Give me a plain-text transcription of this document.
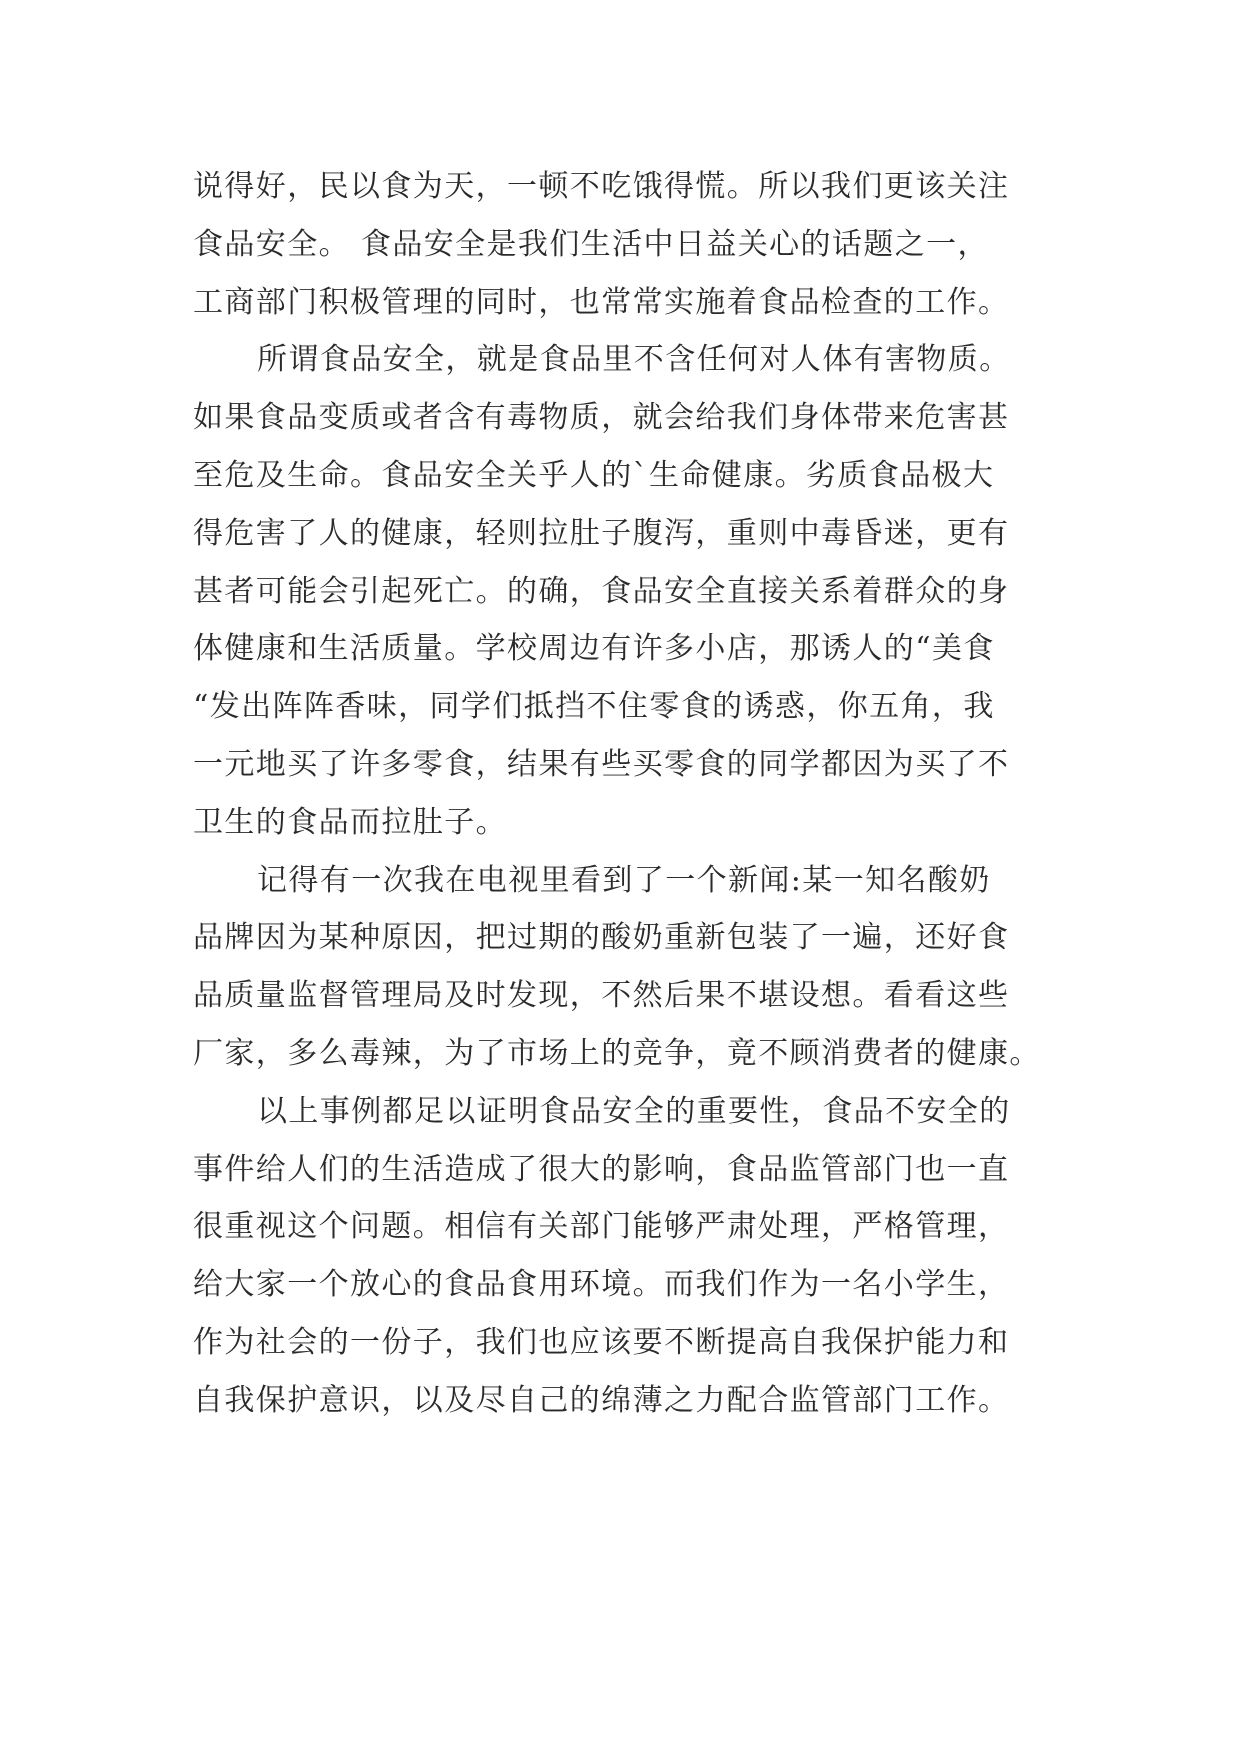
说得好，民以食为天，一顿不吃饿得慌。所以我们更该关注
食品安全。 食品安全是我们生活中日益关心的话题之一，
工商部门积极管理的同时，也常常实施着食品检查的工作。
所谓食品安全，就是食品里不含任何对人体有害物质。
如果食品变质或者含有毒物质，就会给我们身体带来危害甚
至危及生命。食品安全关乎人的`生命健康。劣质食品极大
得危害了人的健康，轻则拉肚子腹泻，重则中毒昏迷，更有
甚者可能会引起死亡。的确，食品安全直接关系着群众的身
体健康和生活质量。学校周边有许多小店，那诱人的“美食
“发出阵阵香味，同学们抵挡不住零食的诱惑，你五角，我
一元地买了许多零食，结果有些买零食的同学都因为买了不
卫生的食品而拉肚子。
记得有一次我在电视里看到了一个新闻:某一知名酸奶
品牌因为某种原因，把过期的酸奶重新包装了一遍，还好食
品质量监督管理局及时发现，不然后果不堪设想。看看这些
厂家，多么毒辣，为了市场上的竞争，竟不顾消费者的健康。
以上事例都足以证明食品安全的重要性，食品不安全的
事件给人们的生活造成了很大的影响，食品监管部门也一直
很重视这个问题。相信有关部门能够严肃处理，严格管理，
给大家一个放心的食品食用环境。而我们作为一名小学生，
作为社会的一份子，我们也应该要不断提高自我保护能力和
自我保护意识，以及尽自己的绵薄之力配合监管部门工作。
